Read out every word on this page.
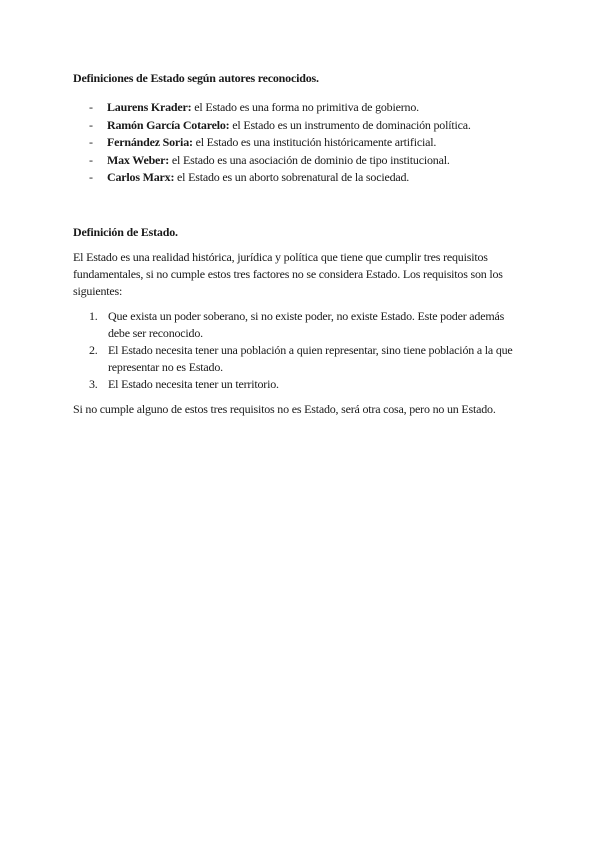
Definiciones de Estado según autores reconocidos.
- Laurens Krader: el Estado es una forma no primitiva de gobierno.
- Ramón García Cotarelo: el Estado es un instrumento de dominación política.
- Fernández Soria: el Estado es una institución históricamente artificial.
- Max Weber: el Estado es una asociación de dominio de tipo institucional.
- Carlos Marx: el Estado es un aborto sobrenatural de la sociedad.
Definición de Estado.

El Estado es una realidad histórica, jurídica y política que tiene que cumplir tres requisitos fundamentales, si no cumple estos tres factores no se considera Estado. Los requisitos son los siguientes:

1. Que exista un poder soberano, si no existe poder, no existe Estado. Este poder además debe ser reconocido.
2. El Estado necesita tener una población a quien representar, sino tiene población a la que representar no es Estado.
3. El Estado necesita tener un territorio.

Si no cumple alguno de estos tres requisitos no es Estado, será otra cosa, pero no un Estado.
